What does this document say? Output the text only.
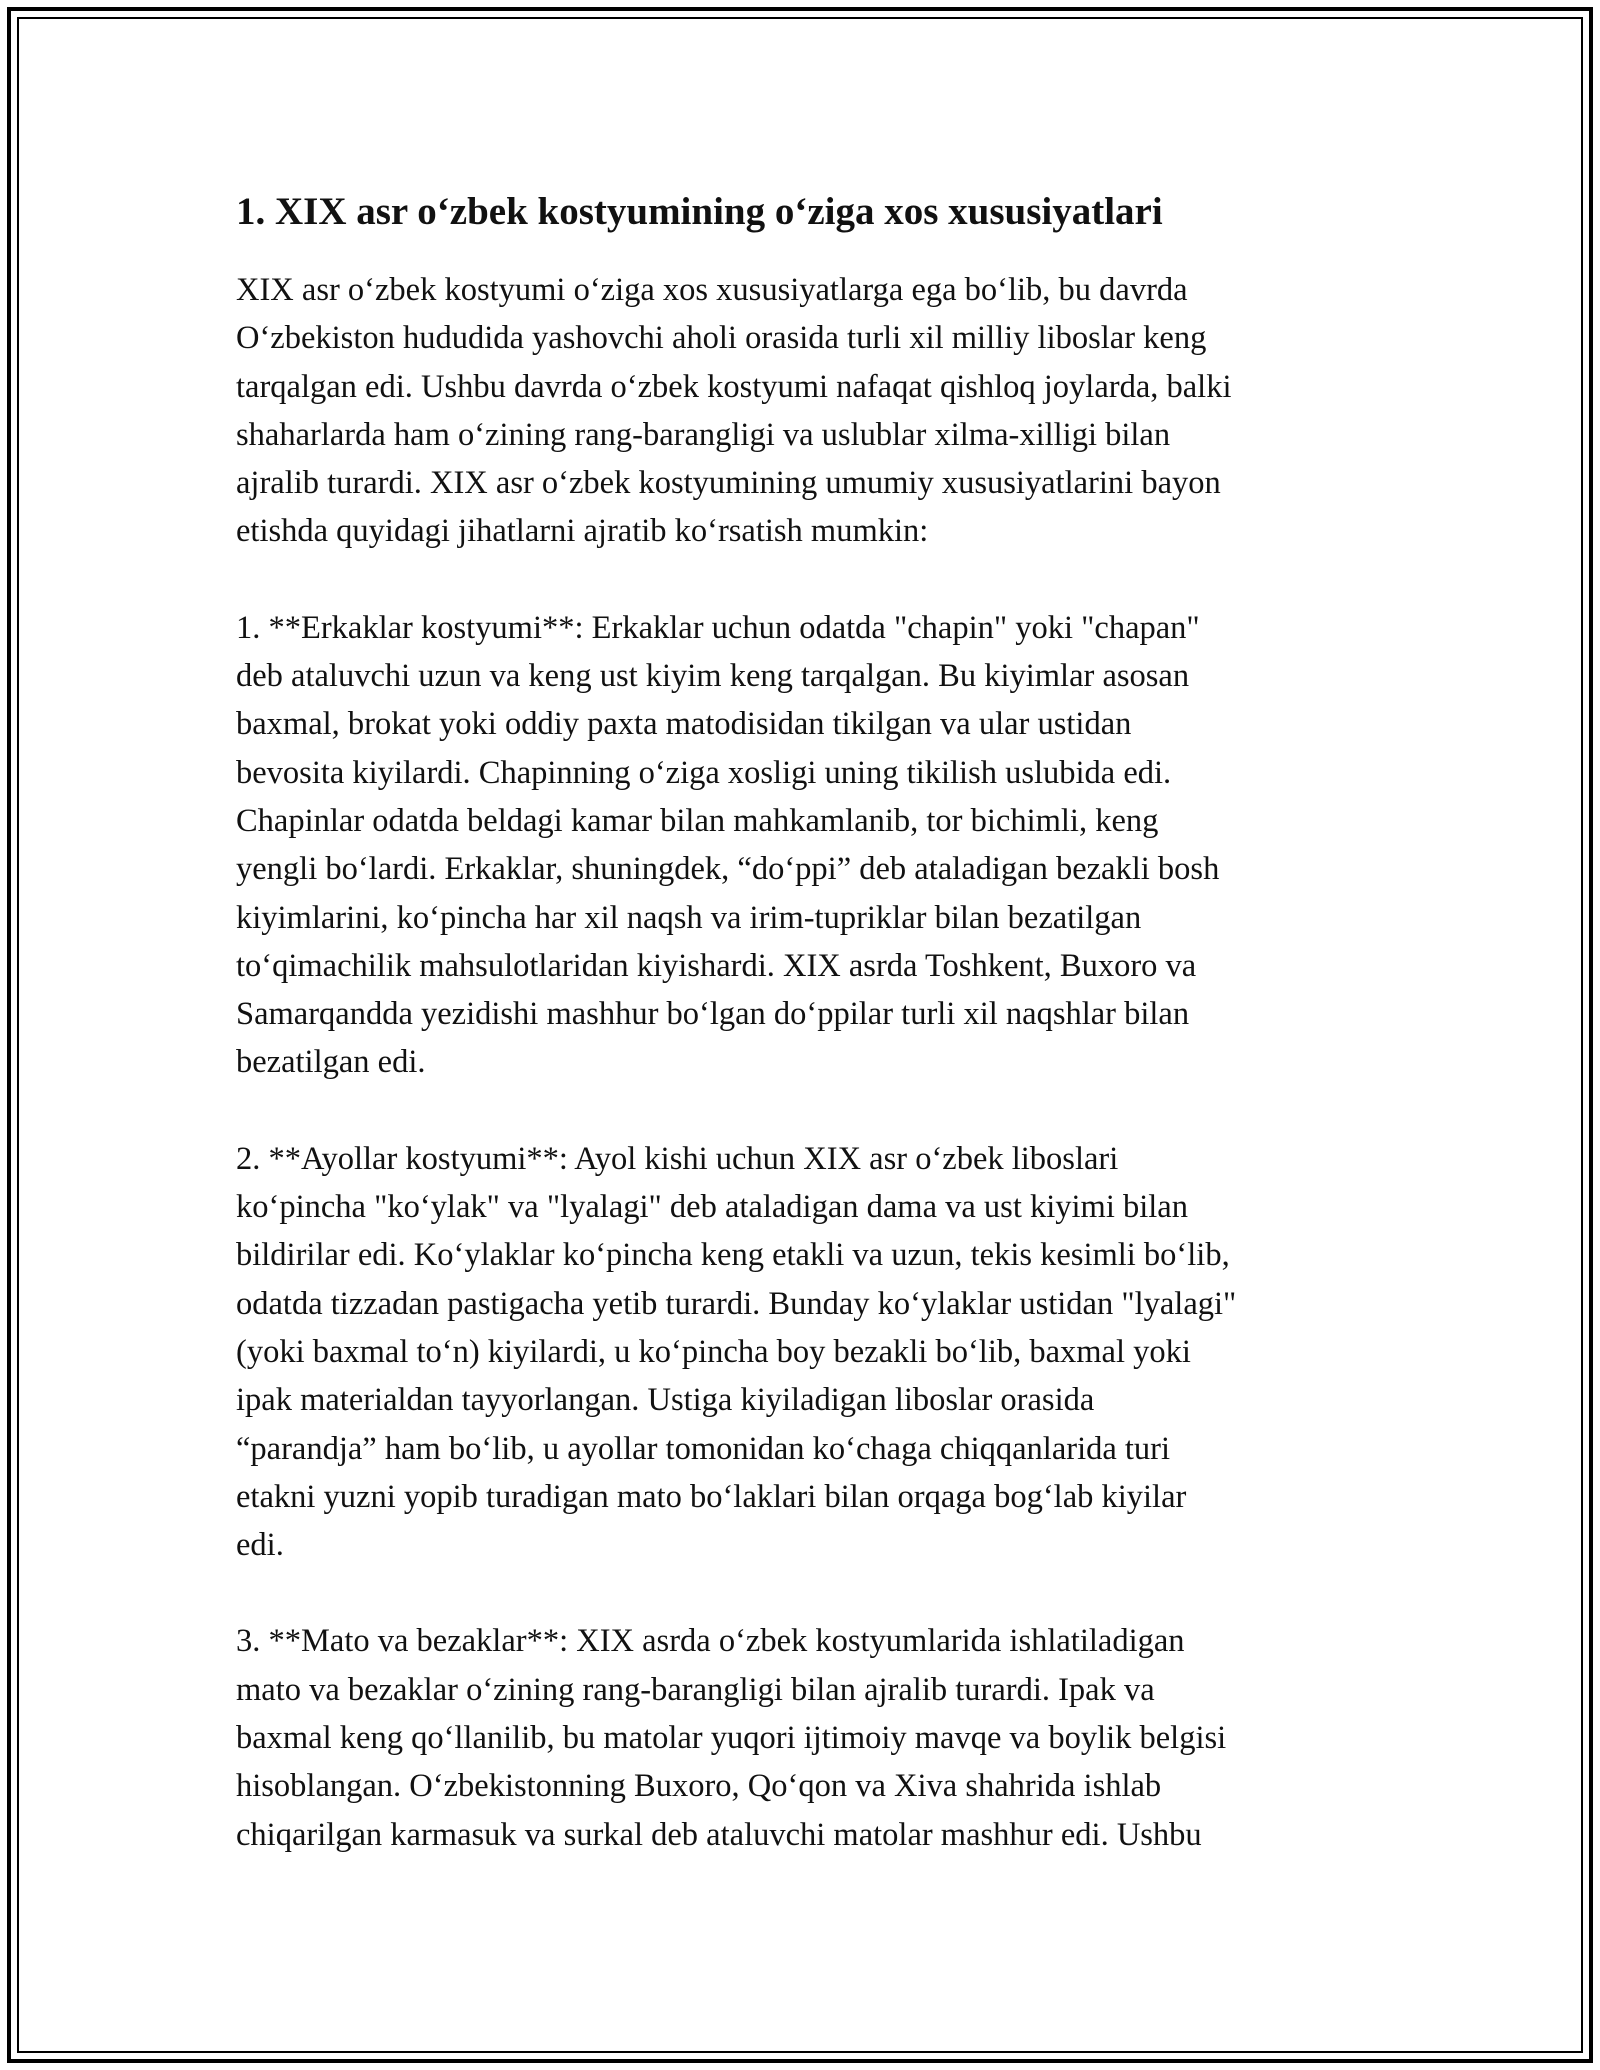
1. XIX asr o‘zbek kostyumining o‘ziga xos xususiyatlari

XIX asr o‘zbek kostyumi o‘ziga xos xususiyatlarga ega bo‘lib, bu davrda
O‘zbekiston hududida yashovchi aholi orasida turli xil milliy liboslar keng
tarqalgan edi. Ushbu davrda o‘zbek kostyumi nafaqat qishloq joylarda, balki
shaharlarda ham o‘zining rang-barangligi va uslublar xilma-xilligi bilan
ajralib turardi. XIX asr o‘zbek kostyumining umumiy xususiyatlarini bayon
etishda quyidagi jihatlarni ajratib ko‘rsatish mumkin:

1. **Erkaklar kostyumi**: Erkaklar uchun odatda "chapin" yoki "chapan"
deb ataluvchi uzun va keng ust kiyim keng tarqalgan. Bu kiyimlar asosan
baxmal, brokat yoki oddiy paxta matodisidan tikilgan va ular ustidan
bevosita kiyilardi. Chapinning o‘ziga xosligi uning tikilish uslubida edi.
Chapinlar odatda beldagi kamar bilan mahkamlanib, tor bichimli, keng
yengli bo‘lardi. Erkaklar, shuningdek, “do‘ppi” deb ataladigan bezakli bosh
kiyimlarini, ko‘pincha har xil naqsh va irim-tupriklar bilan bezatilgan
to‘qimachilik mahsulotlaridan kiyishardi. XIX asrda Toshkent, Buxoro va
Samarqandda yezidishi mashhur bo‘lgan do‘ppilar turli xil naqshlar bilan
bezatilgan edi.

2. **Ayollar kostyumi**: Ayol kishi uchun XIX asr o‘zbek liboslari
ko‘pincha "ko‘ylak" va "lyalagi" deb ataladigan dama va ust kiyimi bilan
bildirilar edi. Ko‘ylaklar ko‘pincha keng etakli va uzun, tekis kesimli bo‘lib,
odatda tizzadan pastigacha yetib turardi. Bunday ko‘ylaklar ustidan "lyalagi"
(yoki baxmal to‘n) kiyilardi, u ko‘pincha boy bezakli bo‘lib, baxmal yoki
ipak materialdan tayyorlangan. Ustiga kiyiladigan liboslar orasida
“parandja” ham bo‘lib, u ayollar tomonidan ko‘chaga chiqqanlarida turi
etakni yuzni yopib turadigan mato bo‘laklari bilan orqaga bog‘lab kiyilar
edi.

3. **Mato va bezaklar**: XIX asrda o‘zbek kostyumlarida ishlatiladigan
mato va bezaklar o‘zining rang-barangligi bilan ajralib turardi. Ipak va
baxmal keng qo‘llanilib, bu matolar yuqori ijtimoiy mavqe va boylik belgisi
hisoblangan. O‘zbekistonning Buxoro, Qo‘qon va Xiva shahrida ishlab
chiqarilgan karmasuk va surkal deb ataluvchi matolar mashhur edi. Ushbu
